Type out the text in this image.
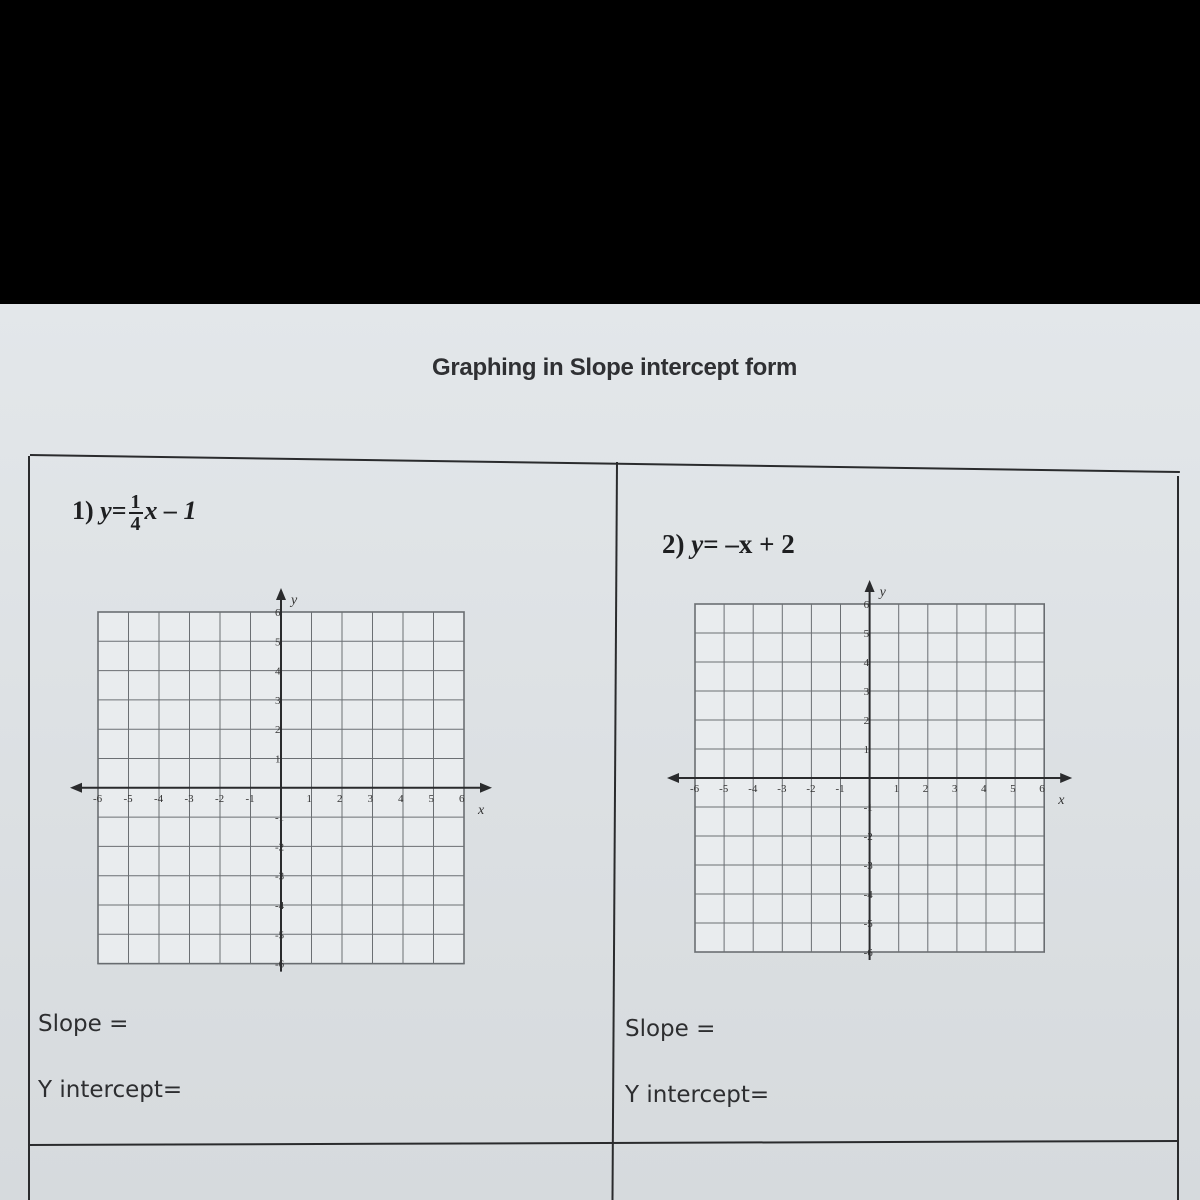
Graphing in Slope intercept form
1) $y= \frac{1}{4}$ x – 1
x
y
-6 -5 -4 -3 -2 -1	1 2 3 4 5 6
6
5
4
3
2
1
-1
-2
-3
-4
-5
-6
Slope =
Y intercept=
2) y= –x + 2
x
y
-6 -5 -4 -3 -2 -1	1 2 3 4 5 6
6
5
4
3
2
1
-1
-2
-3
-4
-5
-6
Slope =
Y intercept=
